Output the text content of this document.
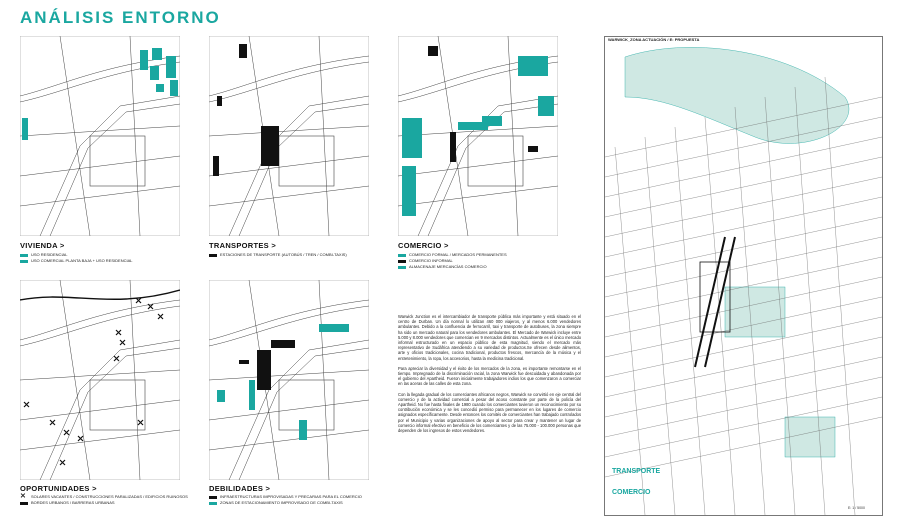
ANÁLISIS ENTORNO
VIVIENDA >
USO RESIDENCIAL
USO COMERCIAL PLANTA BAJA + USO RESIDENCIAL
TRANSPORTES >
ESTACIONES DE TRANSPORTE (AUTOBÚS / TREN / COMBI-TAXIS)
COMERCIO >
COMERCIO FORMAL / MERCADOS PERMANENTES
COMERCIO INFORMAL
ALMACENAJE MERCANCÍAS COMERCIO
OPORTUNIDADES >
✕	SOLARES VACANTES / CONSTRUCCIONES PARALIZADAS / EDIFICIOS RUINOSOS
BORDES URBANOS / BARRERAS URBANAS
DEBILIDADES >
INFRAESTRUCTURAS IMPROVISADAS Y PRECARIAS PARA EL COMERCIO
ZONAS DE ESTACIONAMIENTO IMPROVISADO DE COMBI-TAXIS

Warwick Junction es el intercambiador de transporte pública más importante y está situado en el centro de Durban. Un día normal lo utilizan 460 000 viajeros, y al menos 6.000 vendedores ambulantes. Debido a la confluencia de ferrocarril, taxi y transporte de autobuses, la zona siempre ha sido un mercado natural para los vendedores ambulantes. El Mercado de Warwick incluye entre 5.000 y 8.000 vendedores que comercian en 9 mercados distintos. Actualmente es el único mercado informal estructurado en un espacio público de esta magnitud, siendo el mercado más representativo de Sudáfrica atendiendo a su variedad de productos.Se ofrecen desde alimentos, arte y oficios tradicionales, cocina tradicional, productos frescos, mercancía de la música y el entretenimiento, la ropa, los accesorios, hasta la medicina tradicional.

Para apreciar la diversidad y el éxito de los mercados de la zona, es importante remontarse en el tiempo. Impregnado de la discriminación racial, la zona Warwick fue descuidada y abandonada por el gobierno del Apartheid. Fueron inicialmente trabajadores indios los que comenzaron a comerciar en las aceras de las calles de esta zona.

Con la llegada gradual de los comerciantes africanos negros, Warwick se convirtió en eje central del comercio y de la actividad comercial a pesar del acoso constante por parte de la policía del Apartheid. No fue hasta finales de 1980 cuando los comerciantes tuvieron un reconocimiento por su contribución económica y se les concedió permiso para permanecer en los lugares de comercio asignados específicamente. Desde entonces los comités de comerciantes han trabajado controlados por el Municipio y varias organizaciones de apoyo al sector para crear y mantener un lugar de comercio informal efectivo en beneficio de los comerciantes y de las 75.000 - 100.000 personas que dependen de los ingresos de estos vendedores.

WARWICK_ZONA ACTUACIÓN / E: PROPUESTA
TRANSPORTE
COMERCIO
E: 1 / 5000
